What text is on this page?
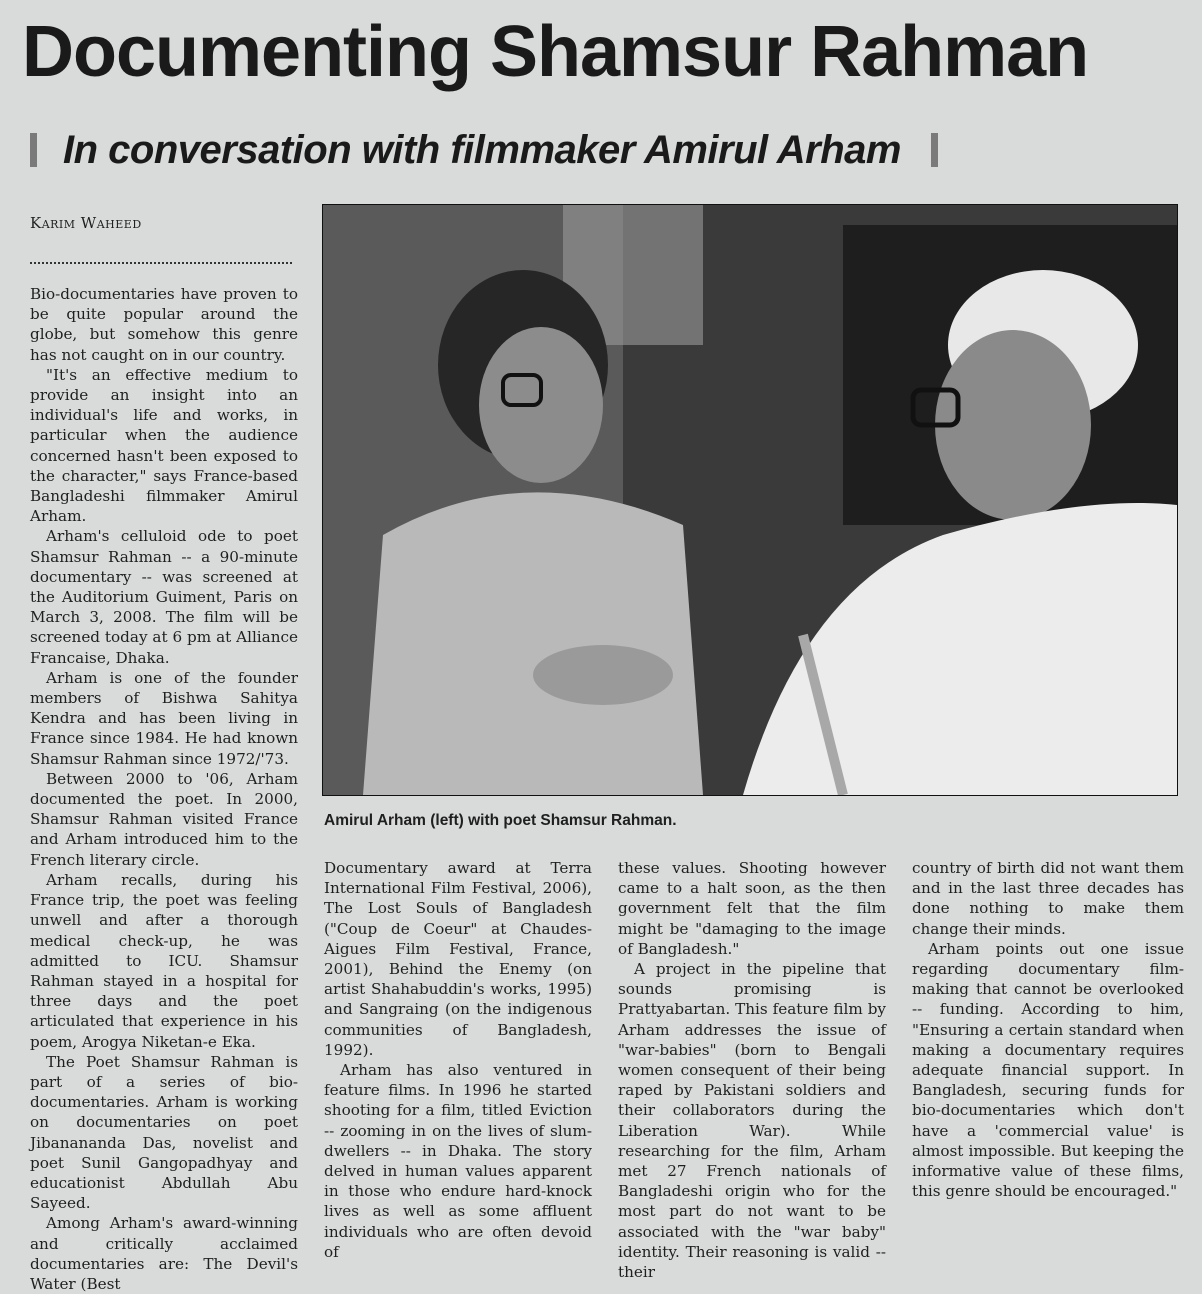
Documenting Shamsur Rahman
In conversation with filmmaker Amirul Arham
Karim Waheed

Bio-documentaries have proven to be quite popular around the globe, but somehow this genre has not caught on in our country.

"It's an effective medium to provide an insight into an individual's life and works, in particular when the audience concerned hasn't been exposed to the character," says France-based Bangladeshi filmmaker Amirul Arham.

Arham's celluloid ode to poet Shamsur Rahman -- a 90-minute documentary -- was screened at the Auditorium Guiment, Paris on March 3, 2008. The film will be screened today at 6 pm at Alliance Francaise, Dhaka.

Arham is one of the founder members of Bishwa Sahitya Kendra and has been living in France since 1984. He had known Shamsur Rahman since 1972/'73.

Between 2000 to '06, Arham documented the poet. In 2000, Shamsur Rahman visited France and Arham introduced him to the French literary circle.

Arham recalls, during his France trip, the poet was feeling unwell and after a thorough medical check-up, he was admitted to ICU. Shamsur Rahman stayed in a hospital for three days and the poet articulated that experience in his poem, Arogya Niketan-e Eka.

The Poet Shamsur Rahman is part of a series of bio-documentaries. Arham is working on documentaries on poet Jibanananda Das, novelist and poet Sunil Gangopadhyay and educationist Abdullah Abu Sayeed.

Among Arham's award-winning and critically acclaimed documentaries are: The Devil's Water (Best

Amirul Arham (left) with poet Shamsur Rahman.

Documentary award at Terra International Film Festival, 2006), The Lost Souls of Bangladesh ("Coup de Coeur" at Chaudes-Aigues Film Festival, France, 2001), Behind the Enemy (on artist Shahabuddin's works, 1995) and Sangraing (on the indigenous communities of Bangladesh, 1992).

Arham has also ventured in feature films. In 1996 he started shooting for a film, titled Eviction -- zooming in on the lives of slum-dwellers -- in Dhaka. The story delved in human values apparent in those who endure hard-knock lives as well as some affluent individuals who are often devoid of

these values. Shooting however came to a halt soon, as the then government felt that the film might be "damaging to the image of Bangladesh."

A project in the pipeline that sounds promising is Prattyabartan. This feature film by Arham addresses the issue of "war-babies" (born to Bengali women consequent of their being raped by Pakistani soldiers and their collaborators during the Liberation War). While researching for the film, Arham met 27 French nationals of Bangladeshi origin who for the most part do not want to be associated with the "war baby" identity. Their reasoning is valid -- their

country of birth did not want them and in the last three decades has done nothing to make them change their minds.

Arham points out one issue regarding documentary film-making that cannot be overlooked -- funding. According to him, "Ensuring a certain standard when making a documentary requires adequate financial support. In Bangladesh, securing funds for bio-documentaries which don't have a 'commercial value' is almost impossible. But keeping the informative value of these films, this genre should be encouraged."
